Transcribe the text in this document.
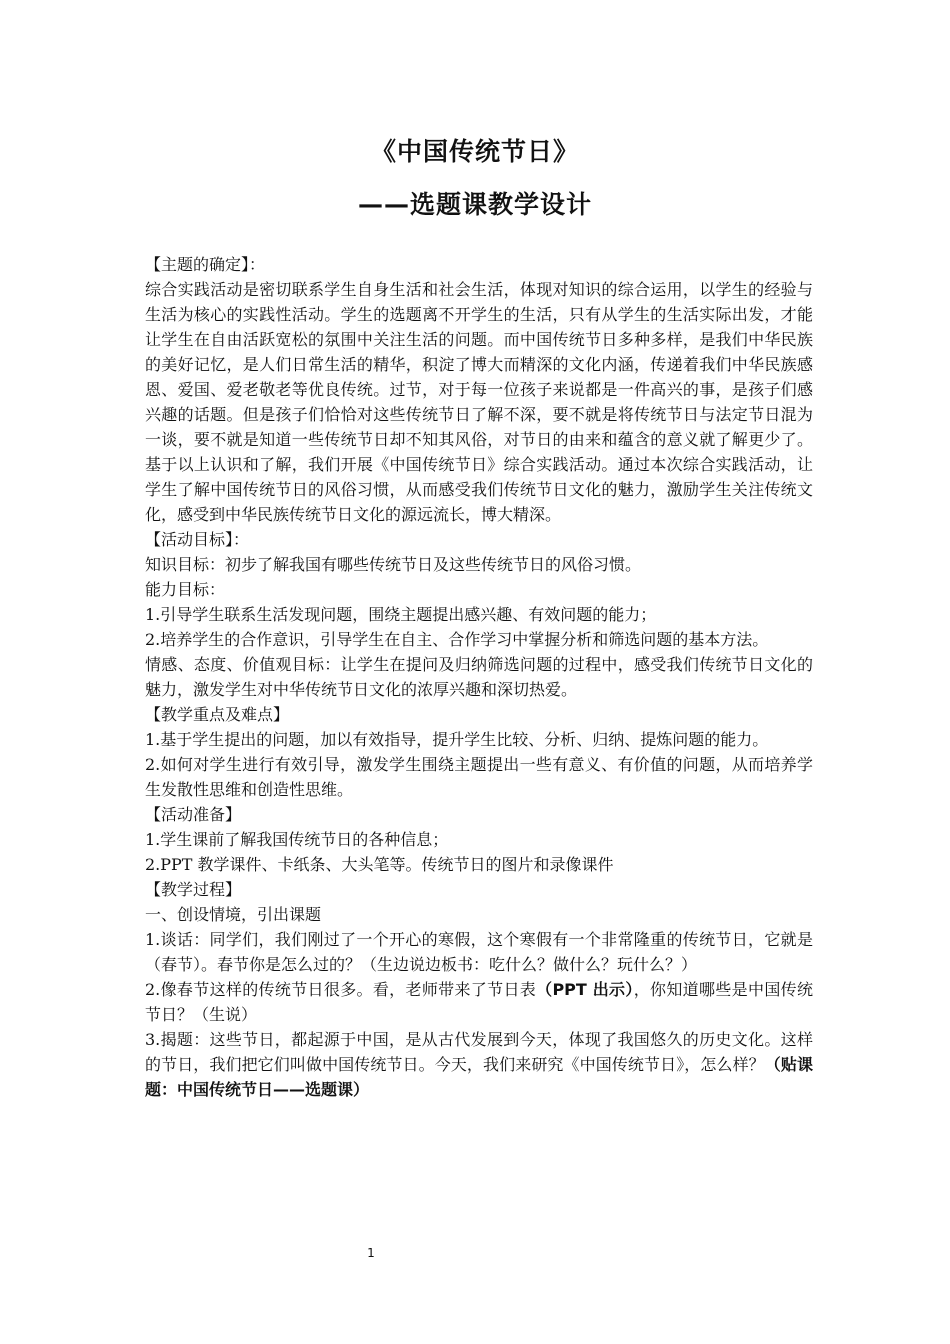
《中国传统节日》
——选题课教学设计

【主题的确定】：

综合实践活动是密切联系学生自身生活和社会生活，体现对知识的综合运用，以学生的经验与生活为核心的实践性活动。学生的选题离不开学生的生活，只有从学生的生活实际出发，才能让学生在自由活跃宽松的氛围中关注生活的问题。而中国传统节日多种多样，是我们中华民族的美好记忆，是人们日常生活的精华，积淀了博大而精深的文化内涵，传递着我们中华民族感恩、爱国、爱老敬老等优良传统。过节，对于每一位孩子来说都是一件高兴的事，是孩子们感兴趣的话题。但是孩子们恰恰对这些传统节日了解不深，要不就是将传统节日与法定节日混为一谈，要不就是知道一些传统节日却不知其风俗，对节日的由来和蕴含的意义就了解更少了。基于以上认识和了解，我们开展《中国传统节日》综合实践活动。通过本次综合实践活动，让学生了解中国传统节日的风俗习惯，从而感受我们传统节日文化的魅力，激励学生关注传统文化，感受到中华民族传统节日文化的源远流长，博大精深。

【活动目标】：

知识目标：初步了解我国有哪些传统节日及这些传统节日的风俗习惯。

能力目标：

1.引导学生联系生活发现问题，围绕主题提出感兴趣、有效问题的能力；

2.培养学生的合作意识，引导学生在自主、合作学习中掌握分析和筛选问题的基本方法。

情感、态度、价值观目标：让学生在提问及归纳筛选问题的过程中，感受我们传统节日文化的魅力，激发学生对中华传统节日文化的浓厚兴趣和深切热爱。

【教学重点及难点】

1.基于学生提出的问题，加以有效指导，提升学生比较、分析、归纳、提炼问题的能力。

2.如何对学生进行有效引导，激发学生围绕主题提出一些有意义、有价值的问题，从而培养学生发散性思维和创造性思维。

【活动准备】

1.学生课前了解我国传统节日的各种信息；

2.PPT 教学课件、卡纸条、大头笔等。传统节日的图片和录像课件

【教学过程】

一、创设情境，引出课题

1.谈话：同学们，我们刚过了一个开心的寒假，这个寒假有一个非常隆重的传统节日，它就是（春节）。春节你是怎么过的？（生边说边板书：吃什么？做什么？玩什么？）

2.像春节这样的传统节日很多。看，老师带来了节日表（PPT 出示），你知道哪些是中国传统节日？（生说）

3.揭题：这些节日，都起源于中国，是从古代发展到今天，体现了我国悠久的历史文化。这样的节日，我们把它们叫做中国传统节日。今天，我们来研究《中国传统节日》，怎么样？（贴课题：中国传统节日——选题课）

1
